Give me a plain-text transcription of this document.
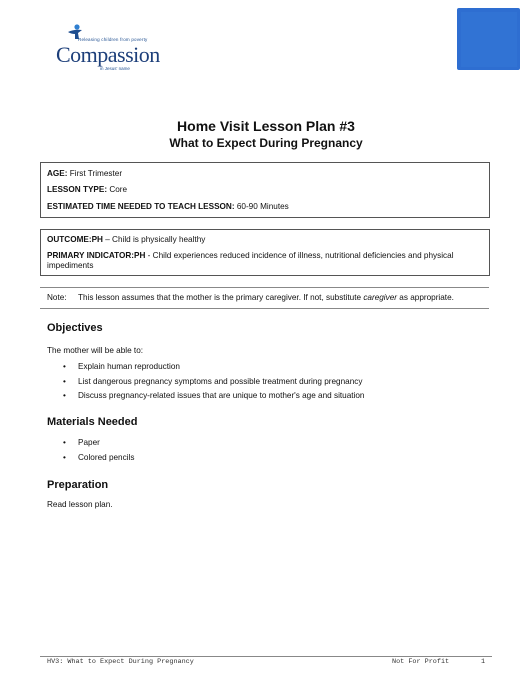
Releasing children from poverty
Compassion
in Jesus' name
Home Visit Lesson Plan #3
What to Expect During Pregnancy

AGE: First Trimester

LESSON TYPE: Core

ESTIMATED TIME NEEDED TO TEACH LESSON: 60-90 Minutes

OUTCOME:PH – Child is physically healthy

PRIMARY INDICATOR:PH - Child experiences reduced incidence of illness, nutritional deficiencies and physical impediments

Note: This lesson assumes that the mother is the primary caregiver. If not, substitute caregiver as appropriate.
Objectives

The mother will be able to:

• Explain human reproduction
• List dangerous pregnancy symptoms and possible treatment during pregnancy
• Discuss pregnancy-related issues that are unique to mother's age and situation
Materials Needed
• Paper
• Colored pencils
Preparation

Read lesson plan.

HV3: What to Expect During Pregnancy	Not For Profit	1
